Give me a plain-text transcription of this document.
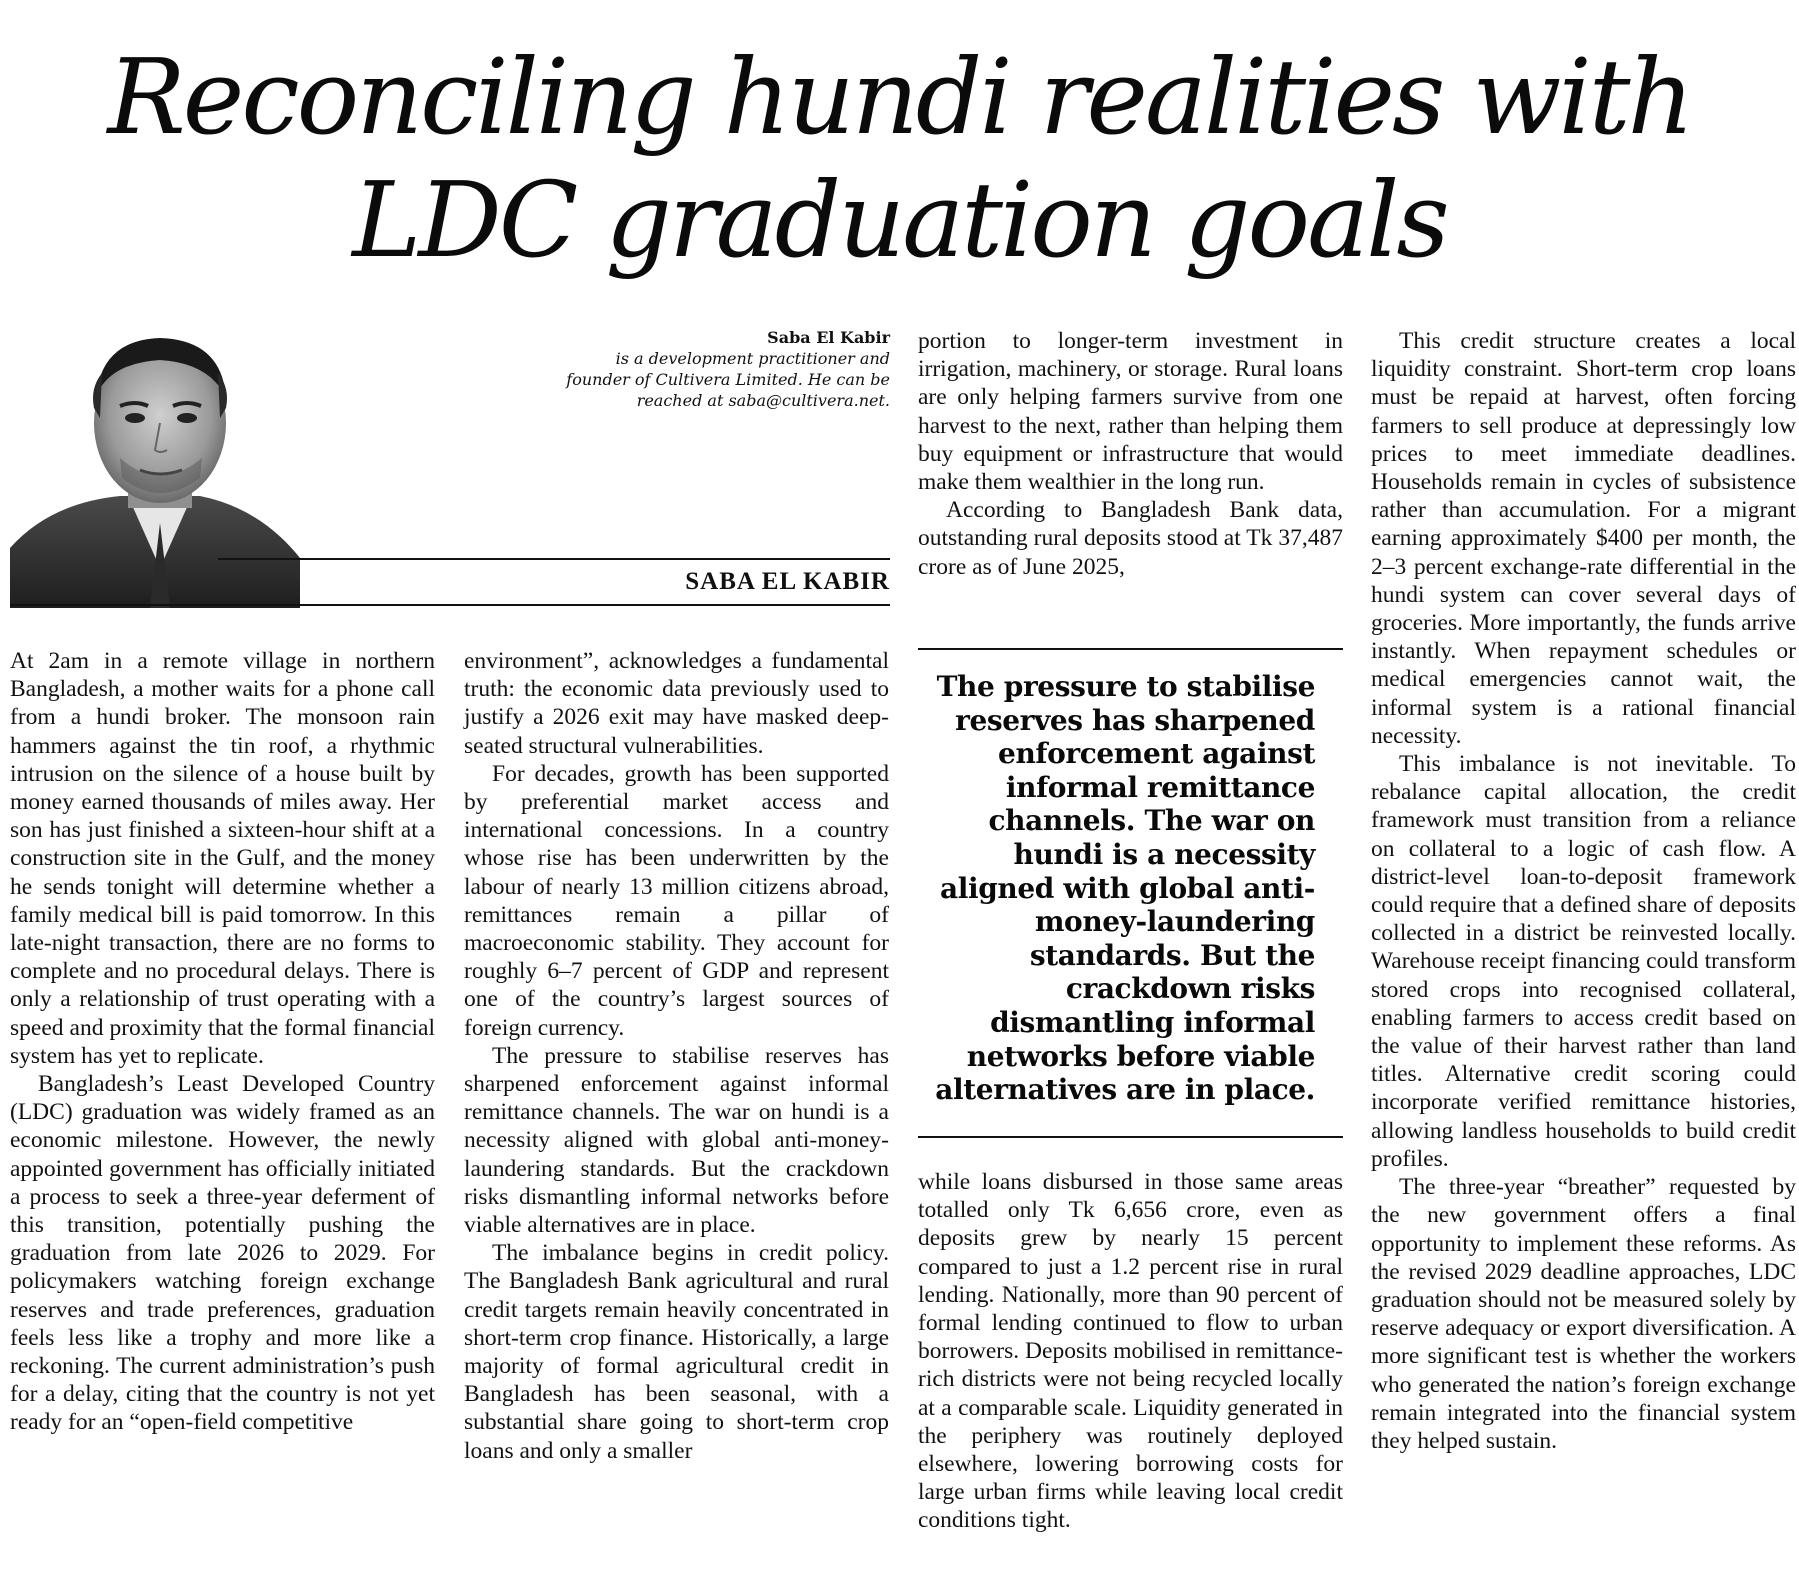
Reconciling hundi realities with
LDC graduation goals
Saba El Kabir
is a development practitioner and founder of Cultivera Limited. He can be reached at saba@cultivera.net.
SABA EL KABIR

At 2am in a remote village in northern Bangladesh, a mother waits for a phone call from a hundi broker. The monsoon rain hammers against the tin roof, a rhythmic intrusion on the silence of a house built by money earned thousands of miles away. Her son has just finished a sixteen-hour shift at a construction site in the Gulf, and the money he sends tonight will determine whether a family medical bill is paid tomorrow. In this late-night transaction, there are no forms to complete and no procedural delays. There is only a relationship of trust operating with a speed and proximity that the formal financial system has yet to replicate.

Bangladesh’s Least Developed Country (LDC) graduation was widely framed as an economic milestone. However, the newly appointed government has officially initiated a process to seek a three-year deferment of this transition, potentially pushing the graduation from late 2026 to 2029. For policymakers watching foreign exchange reserves and trade preferences, graduation feels less like a trophy and more like a reckoning. The current administration’s push for a delay, citing that the country is not yet ready for an “open-field competitive

environment”, acknowledges a fundamental truth: the economic data previously used to justify a 2026 exit may have masked deep-seated structural vulnerabilities.

For decades, growth has been supported by preferential market access and international concessions. In a country whose rise has been underwritten by the labour of nearly 13 million citizens abroad, remittances remain a pillar of macroeconomic stability. They account for roughly 6–7 percent of GDP and represent one of the country’s largest sources of foreign currency.

The pressure to stabilise reserves has sharpened enforcement against informal remittance channels. The war on hundi is a necessity aligned with global anti-money-laundering standards. But the crackdown risks dismantling informal networks before viable alternatives are in place.

The imbalance begins in credit policy. The Bangladesh Bank agricultural and rural credit targets remain heavily concentrated in short-term crop finance. Historically, a large majority of formal agricultural credit in Bangladesh has been seasonal, with a substantial share going to short-term crop loans and only a smaller

portion to longer-term investment in irrigation, machinery, or storage. Rural loans are only helping farmers survive from one harvest to the next, rather than helping them buy equipment or infrastructure that would make them wealthier in the long run.

According to Bangladesh Bank data, outstanding rural deposits stood at Tk 37,487 crore as of June 2025,

The pressure to stabilise reserves has sharpened enforcement against informal remittance channels. The war on hundi is a necessity aligned with global anti-money-laundering standards. But the crackdown risks dismantling informal networks before viable alternatives are in place.

while loans disbursed in those same areas totalled only Tk 6,656 crore, even as deposits grew by nearly 15 percent compared to just a 1.2 percent rise in rural lending. Nationally, more than 90 percent of formal lending continued to flow to urban borrowers. Deposits mobilised in remittance-rich districts were not being recycled locally at a comparable scale. Liquidity generated in the periphery was routinely deployed elsewhere, lowering borrowing costs for large urban firms while leaving local credit conditions tight.

This credit structure creates a local liquidity constraint. Short-term crop loans must be repaid at harvest, often forcing farmers to sell produce at depressingly low prices to meet immediate deadlines. Households remain in cycles of subsistence rather than accumulation. For a migrant earning approximately $400 per month, the 2–3 percent exchange-rate differential in the hundi system can cover several days of groceries. More importantly, the funds arrive instantly. When repayment schedules or medical emergencies cannot wait, the informal system is a rational financial necessity.

This imbalance is not inevitable. To rebalance capital allocation, the credit framework must transition from a reliance on collateral to a logic of cash flow. A district-level loan-to-deposit framework could require that a defined share of deposits collected in a district be reinvested locally. Warehouse receipt financing could transform stored crops into recognised collateral, enabling farmers to access credit based on the value of their harvest rather than land titles. Alternative credit scoring could incorporate verified remittance histories, allowing landless households to build credit profiles.

The three-year “breather” requested by the new government offers a final opportunity to implement these reforms. As the revised 2029 deadline approaches, LDC graduation should not be measured solely by reserve adequacy or export diversification. A more significant test is whether the workers who generated the nation’s foreign exchange remain integrated into the financial system they helped sustain.
